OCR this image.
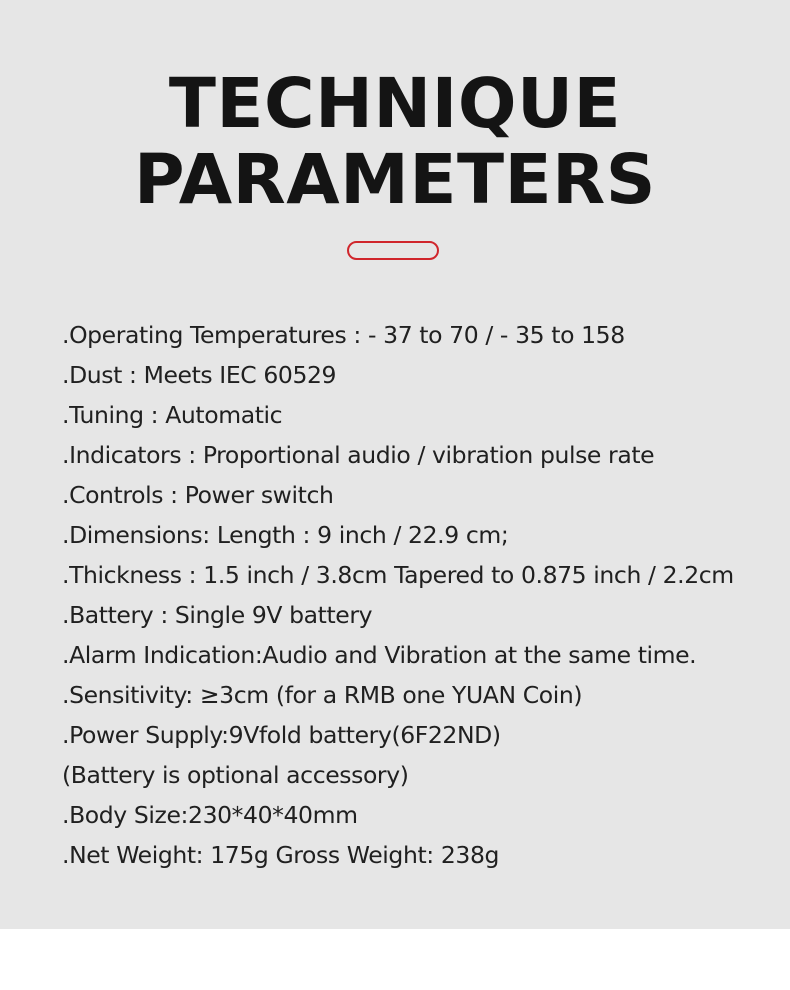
TECHNIQUE
PARAMETERS
.Operating Temperatures : - 37 to 70 / - 35 to 158
.Dust : Meets IEC 60529
.Tuning : Automatic
.Indicators : Proportional audio / vibration pulse rate
.Controls : Power switch
.Dimensions: Length : 9 inch / 22.9 cm;
.Thickness : 1.5 inch / 3.8cm Tapered to 0.875 inch / 2.2cm
.Battery : Single 9V battery
.Alarm Indication:Audio and Vibration at the same time.
.Sensitivity: ≥3cm (for a RMB one YUAN Coin)
.Power Supply:9Vfold battery(6F22ND)
(Battery is optional accessory)
.Body Size:230*40*40mm
.Net Weight: 175g Gross Weight: 238g
